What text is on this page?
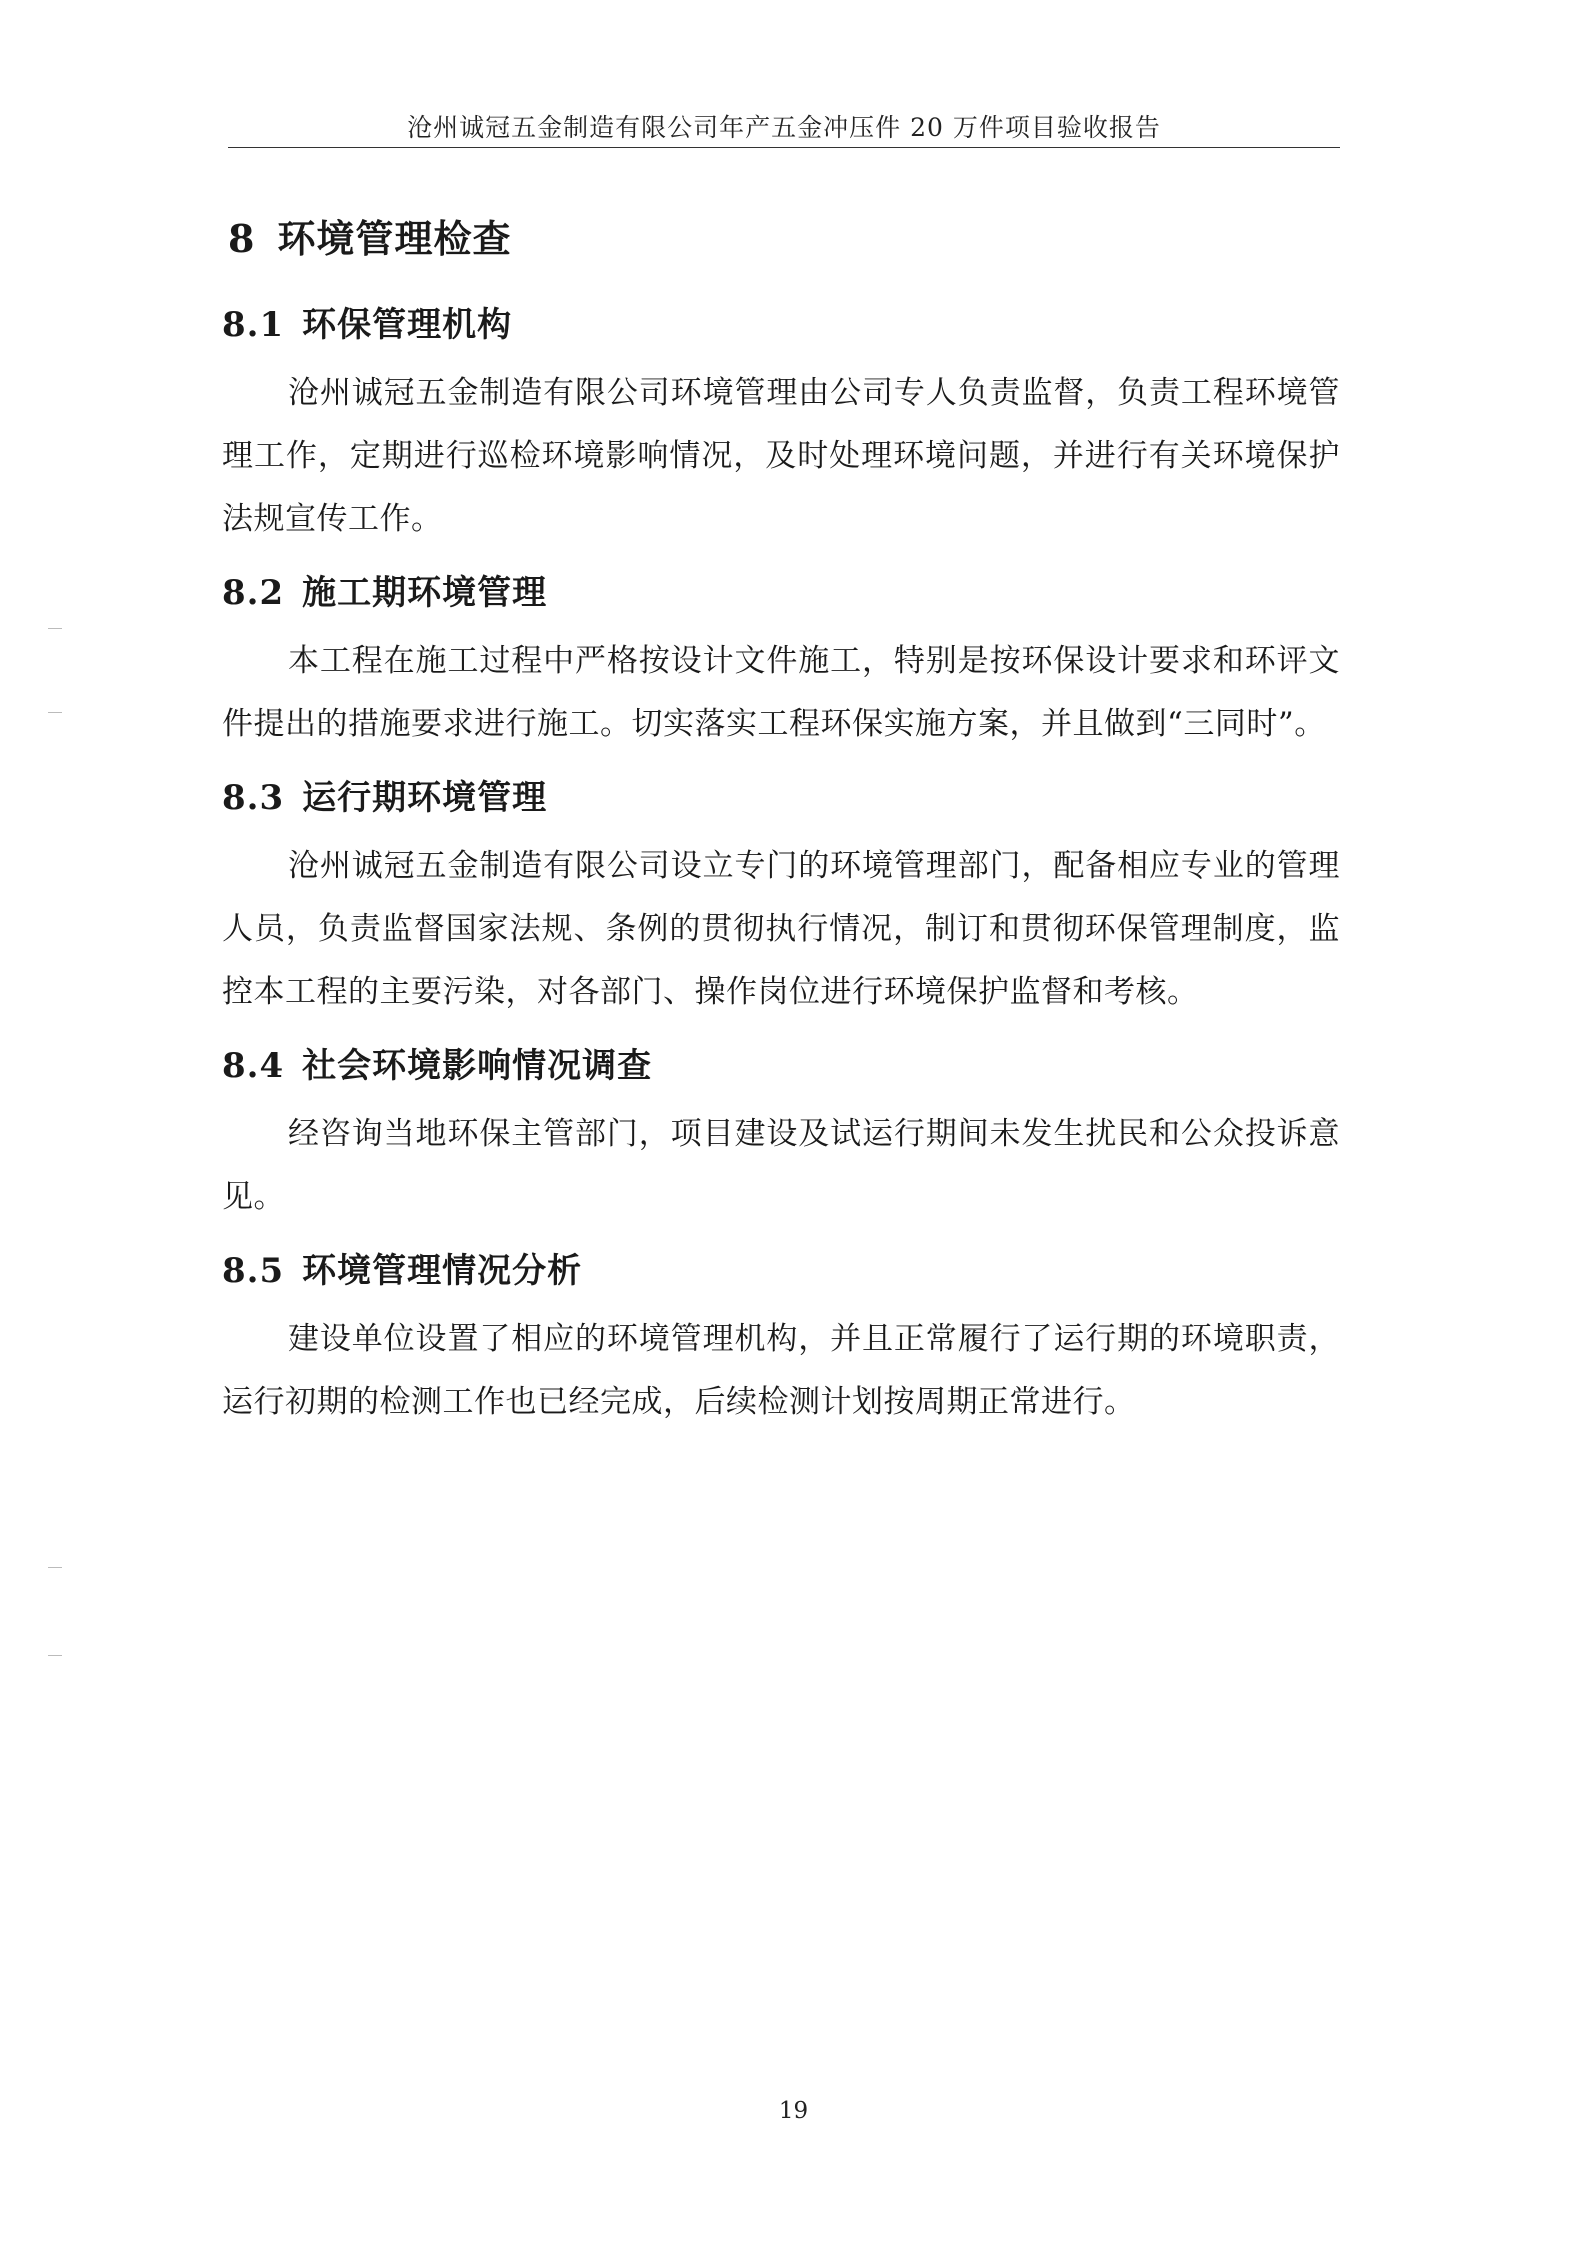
沧州诚冠五金制造有限公司年产五金冲压件 20 万件项目验收报告
8 环境管理检查
8.1 环保管理机构
沧州诚冠五金制造有限公司环境管理由公司专人负责监督，负责工程环境管理工作，定期进行巡检环境影响情况，及时处理环境问题，并进行有关环境保护法规宣传工作。
8.2 施工期环境管理
本工程在施工过程中严格按设计文件施工，特别是按环保设计要求和环评文件提出的措施要求进行施工。切实落实工程环保实施方案，并且做到“三同时”。
8.3 运行期环境管理
沧州诚冠五金制造有限公司设立专门的环境管理部门，配备相应专业的管理人员，负责监督国家法规、条例的贯彻执行情况，制订和贯彻环保管理制度，监控本工程的主要污染，对各部门、操作岗位进行环境保护监督和考核。
8.4 社会环境影响情况调查
经咨询当地环保主管部门，项目建设及试运行期间未发生扰民和公众投诉意见。
8.5 环境管理情况分析
建设单位设置了相应的环境管理机构，并且正常履行了运行期的环境职责，运行初期的检测工作也已经完成，后续检测计划按周期正常进行。
19
